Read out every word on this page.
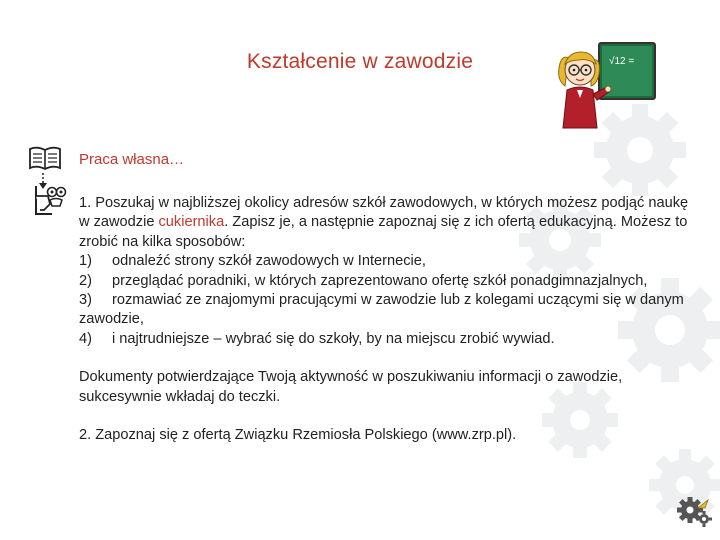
Kształcenie w zawodzie	√12 =
Praca własna…

1. Poszukaj w najbliższej okolicy adresów szkół zawodowych, w których możesz podjąć naukę w zawodzie cukiernika. Zapisz je, a następnie zapoznaj się z ich ofertą edukacyjną. Możesz to zrobić na kilka sposobów:

1) odnaleźć strony szkół zawodowych w Internecie,

2) przeglądać poradniki, w których zaprezentowano ofertę szkół ponadgimnazjalnych,

3) rozmawiać ze znajomymi pracującymi w zawodzie lub z kolegami uczącymi się w danym zawodzie,

4) i najtrudniejsze – wybrać się do szkoły, by na miejscu zrobić wywiad.

Dokumenty potwierdzające Twoją aktywność w poszukiwaniu informacji o zawodzie, sukcesywnie wkładaj do teczki.

2. Zapoznaj się z ofertą Związku Rzemiosła Polskiego (www.zrp.pl).
